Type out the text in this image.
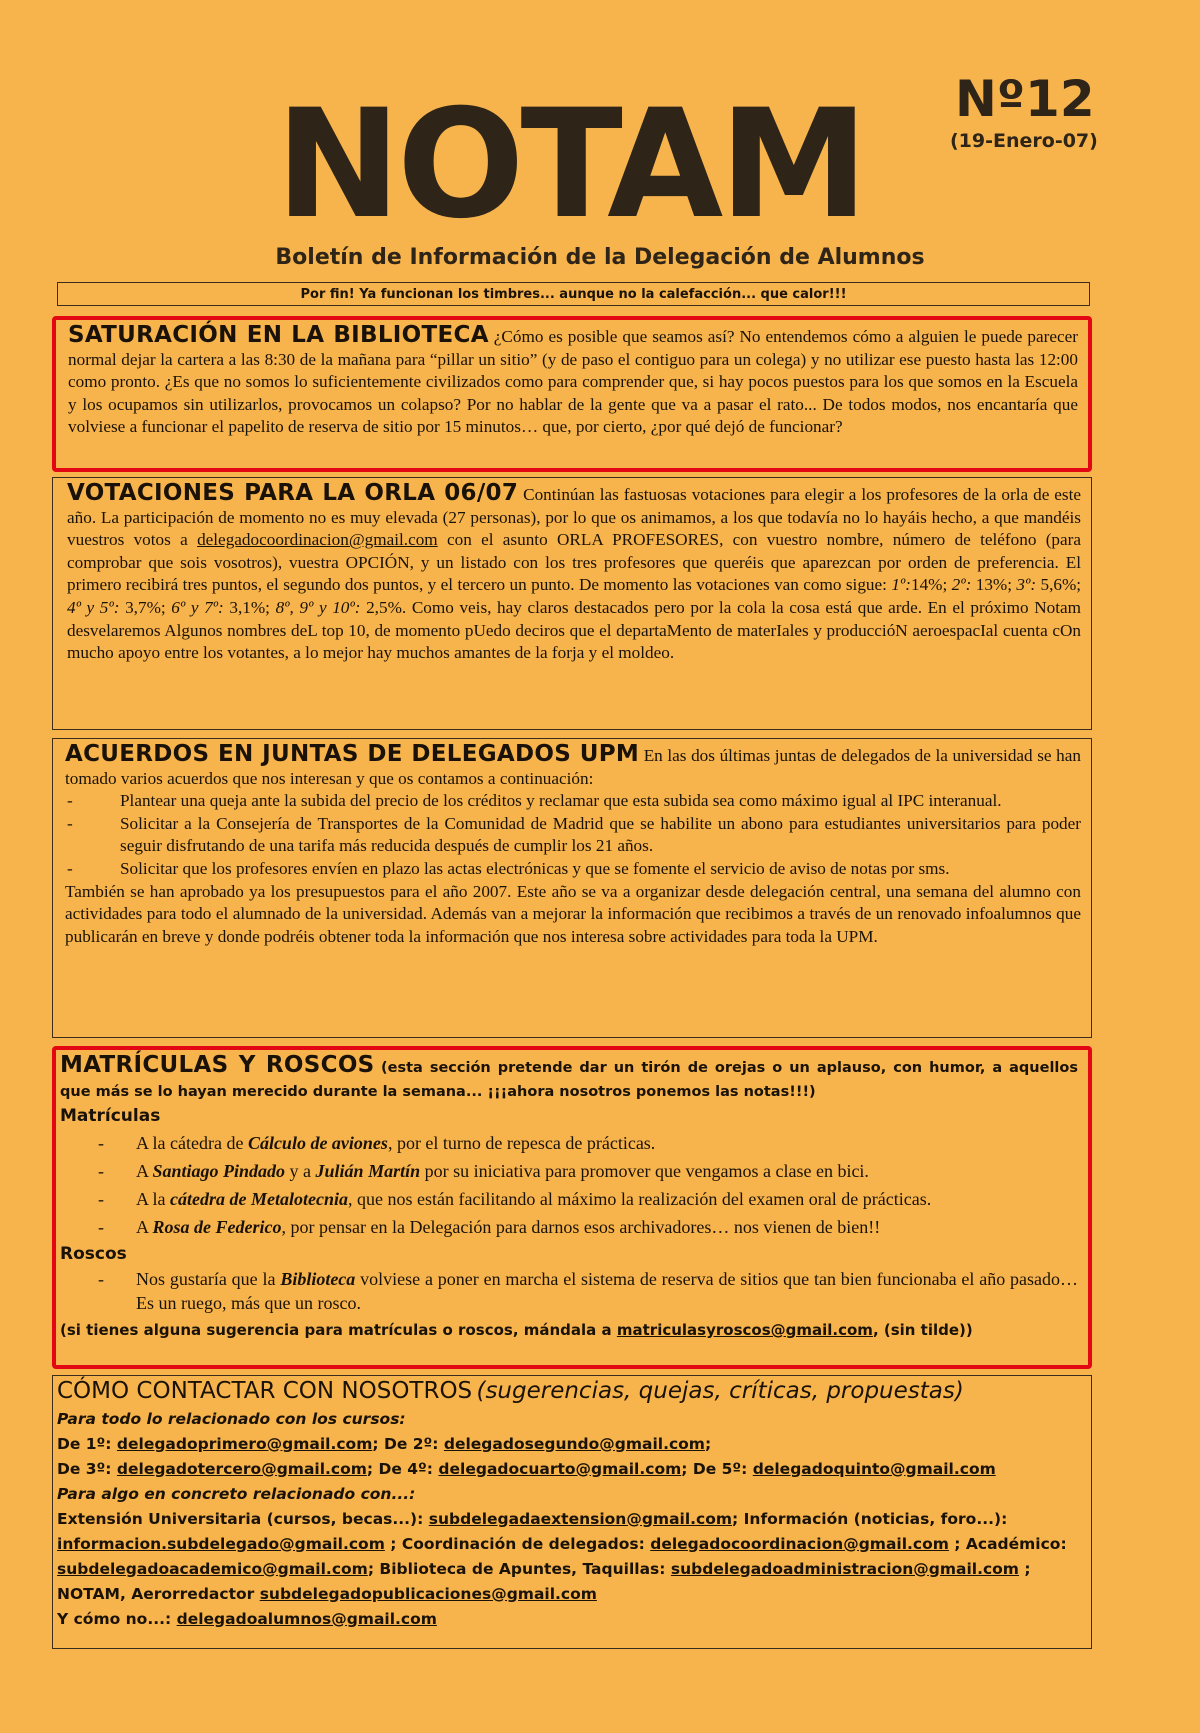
NOTAM	Nº12
(19-Enero-07)
Boletín de Información de la Delegación de Alumnos
Por fin! Ya funcionan los timbres... aunque no la calefacción... que calor!!!
SATURACIÓN EN LA BIBLIOTECA ¿Cómo es posible que seamos así? No entendemos cómo a alguien le puede parecer normal dejar la cartera a las 8:30 de la mañana para “pillar un sitio” (y de paso el contiguo para un colega) y no utilizar ese puesto hasta las 12:00 como pronto. ¿Es que no somos lo suficientemente civilizados como para comprender que, si hay pocos puestos para los que somos en la Escuela y los ocupamos sin utilizarlos, provocamos un colapso? Por no hablar de la gente que va a pasar el rato... De todos modos, nos encantaría que volviese a funcionar el papelito de reserva de sitio por 15 minutos… que, por cierto, ¿por qué dejó de funcionar?
VOTACIONES PARA LA ORLA 06/07 Continúan las fastuosas votaciones para elegir a los profesores de la orla de este año. La participación de momento no es muy elevada (27 personas), por lo que os animamos, a los que todavía no lo hayáis hecho, a que mandéis vuestros votos a delegadocoordinacion@gmail.com con el asunto ORLA PROFESORES, con vuestro nombre, número de teléfono (para comprobar que sois vosotros), vuestra OPCIÓN, y un listado con los tres profesores que queréis que aparezcan por orden de preferencia. El primero recibirá tres puntos, el segundo dos puntos, y el tercero un punto. De momento las votaciones van como sigue: 1º:14%; 2º: 13%; 3º: 5,6%; 4º y 5º: 3,7%; 6º y 7º: 3,1%; 8º, 9º y 10º: 2,5%. Como veis, hay claros destacados pero por la cola la cosa está que arde. En el próximo Notam desvelaremos Algunos nombres deL top 10, de momento pUedo deciros que el departaMento de materIales y produccióN aeroespacIal cuenta cOn mucho apoyo entre los votantes, a lo mejor hay muchos amantes de la forja y el moldeo.
ACUERDOS EN JUNTAS DE DELEGADOS UPM En las dos últimas juntas de delegados de la universidad se han tomado varios acuerdos que nos interesan y que os contamos a continuación:
- Plantear una queja ante la subida del precio de los créditos y reclamar que esta subida sea como máximo igual al IPC interanual.
- Solicitar a la Consejería de Transportes de la Comunidad de Madrid que se habilite un abono para estudiantes universitarios para poder seguir disfrutando de una tarifa más reducida después de cumplir los 21 años.
- Solicitar que los profesores envíen en plazo las actas electrónicas y que se fomente el servicio de aviso de notas por sms.
También se han aprobado ya los presupuestos para el año 2007. Este año se va a organizar desde delegación central, una semana del alumno con actividades para todo el alumnado de la universidad. Además van a mejorar la información que recibimos a través de un renovado infoalumnos que publicarán en breve y donde podréis obtener toda la información que nos interesa sobre actividades para toda la UPM.
MATRÍCULAS Y ROSCOS (esta sección pretende dar un tirón de orejas o un aplauso, con humor, a aquellos que más se lo hayan merecido durante la semana... ¡¡¡ahora nosotros ponemos las notas!!!)
Matrículas
- A la cátedra de Cálculo de aviones, por el turno de repesca de prácticas.
- A Santiago Pindado y a Julián Martín por su iniciativa para promover que vengamos a clase en bici.
- A la cátedra de Metalotecnia, que nos están facilitando al máximo la realización del examen oral de prácticas.
- A Rosa de Federico, por pensar en la Delegación para darnos esos archivadores… nos vienen de bien!!
Roscos
- Nos gustaría que la Biblioteca volviese a poner en marcha el sistema de reserva de sitios que tan bien funcionaba el año pasado… Es un ruego, más que un rosco.
(si tienes alguna sugerencia para matrículas o roscos, mándala a matriculasyroscos@gmail.com, (sin tilde))
CÓMO CONTACTAR CON NOSOTROS (sugerencias, quejas, críticas, propuestas)
Para todo lo relacionado con los cursos:
De 1º: delegadoprimero@gmail.com; De 2º: delegadosegundo@gmail.com;
De 3º: delegadotercero@gmail.com; De 4º: delegadocuarto@gmail.com; De 5º: delegadoquinto@gmail.com
Para algo en concreto relacionado con...:
Extensión Universitaria (cursos, becas...): subdelegadaextension@gmail.com; Información (noticias, foro...): informacion.subdelegado@gmail.com ; Coordinación de delegados: delegadocoordinacion@gmail.com ; Académico: subdelegadoacademico@gmail.com; Biblioteca de Apuntes, Taquillas: subdelegadoadministracion@gmail.com ; NOTAM, Aerorredactor subdelegadopublicaciones@gmail.com
Y cómo no...: delegadoalumnos@gmail.com
